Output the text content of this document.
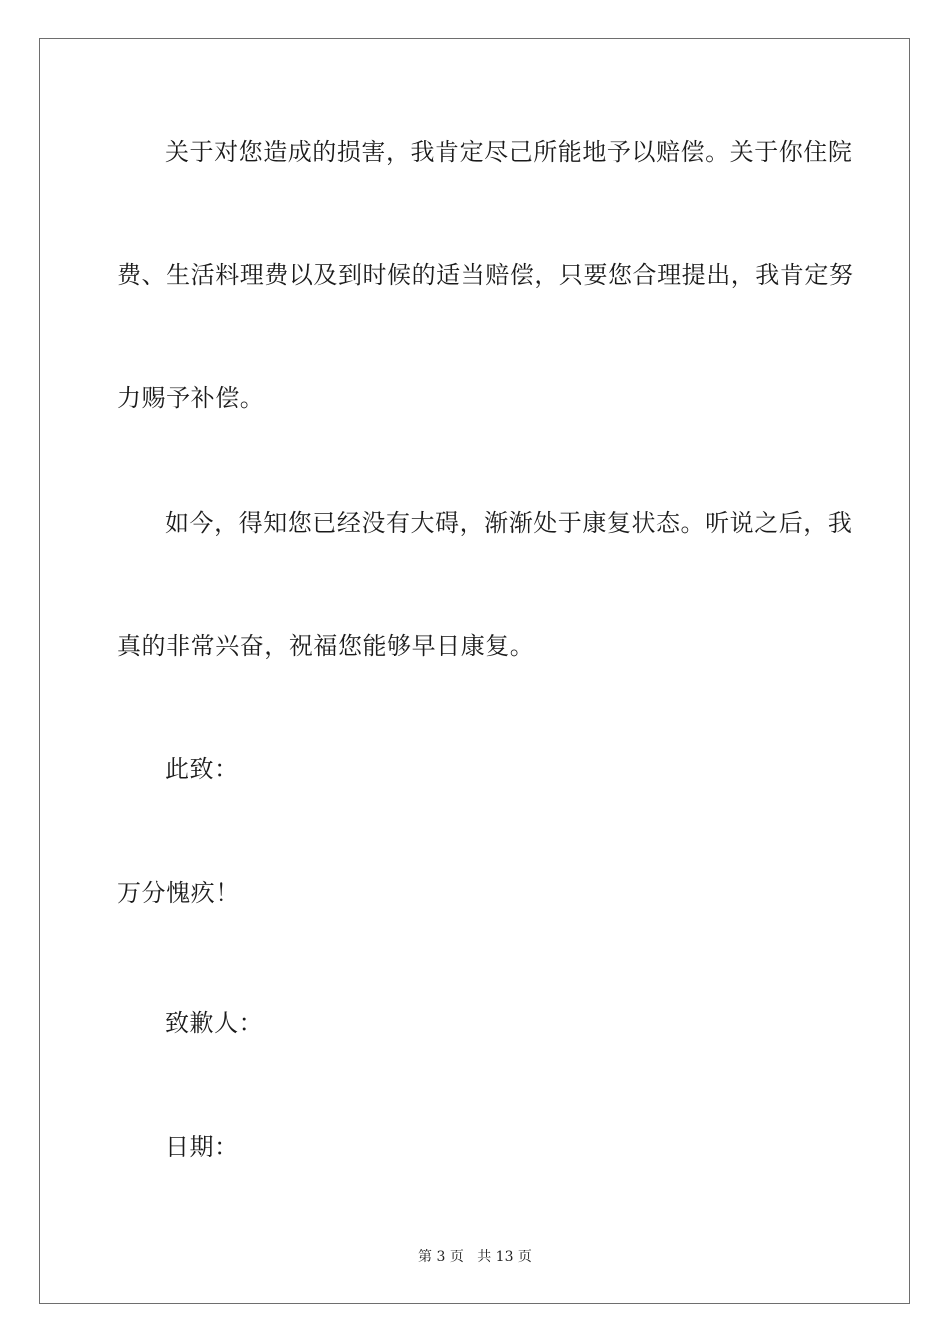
关于对您造成的损害，我肯定尽己所能地予以赔偿。关于你住院
费、生活料理费以及到时候的适当赔偿，只要您合理提出，我肯定努
力赐予补偿。
如今，得知您已经没有大碍，渐渐处于康复状态。听说之后，我
真的非常兴奋，祝福您能够早日康复。
此致：
万分愧疚！
致歉人：
日期：
第 3 页 共 13 页
